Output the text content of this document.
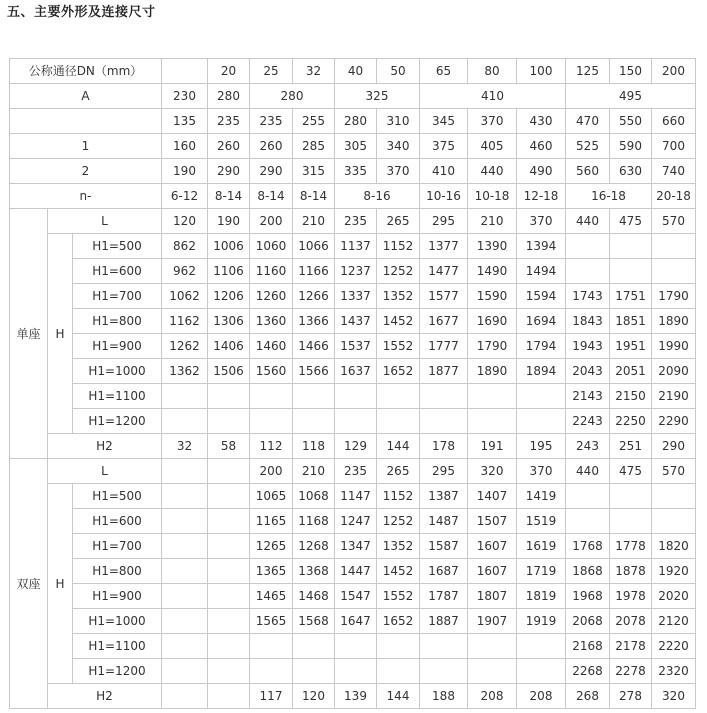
五、主要外形及连接尺寸
公称通径DN（mm）				20	25	32	40	50	65	80	100	125	150	200
A			230	280	280		325		410			495		
			135	235	235	255	280	310	345	370	430	470	550	660
1			160	260	260	285	305	340	375	405	460	525	590	700
2			190	290	290	315	335	370	410	440	490	560	630	740
n-			6-12	8-14	8-14	8-14	8-16		10-16	10-18	12-18	16-18		20-18
单座	L		120	190	200	210	235	265	295	210	370	440	475	570
	H	H1=500	862	1006	1060	1066	1137	1152	1377	1390	1394			
		H1=600	962	1106	1160	1166	1237	1252	1477	1490	1494			
		H1=700	1062	1206	1260	1266	1337	1352	1577	1590	1594	1743	1751	1790
		H1=800	1162	1306	1360	1366	1437	1452	1677	1690	1694	1843	1851	1890
		H1=900	1262	1406	1460	1466	1537	1552	1777	1790	1794	1943	1951	1990
		H1=1000	1362	1506	1560	1566	1637	1652	1877	1890	1894	2043	2051	2090
		H1=1100										2143	2150	2190
		H1=1200										2243	2250	2290
	H2		32	58	112	118	129	144	178	191	195	243	251	290
双座	L				200	210	235	265	295	320	370	440	475	570
	H	H1=500			1065	1068	1147	1152	1387	1407	1419			
		H1=600			1165	1168	1247	1252	1487	1507	1519			
		H1=700			1265	1268	1347	1352	1587	1607	1619	1768	1778	1820
		H1=800			1365	1368	1447	1452	1687	1607	1719	1868	1878	1920
		H1=900			1465	1468	1547	1552	1787	1807	1819	1968	1978	2020
		H1=1000			1565	1568	1647	1652	1887	1907	1919	2068	2078	2120
		H1=1100										2168	2178	2220
		H1=1200										2268	2278	2320
	H2				117	120	139	144	188	208	208	268	278	320
